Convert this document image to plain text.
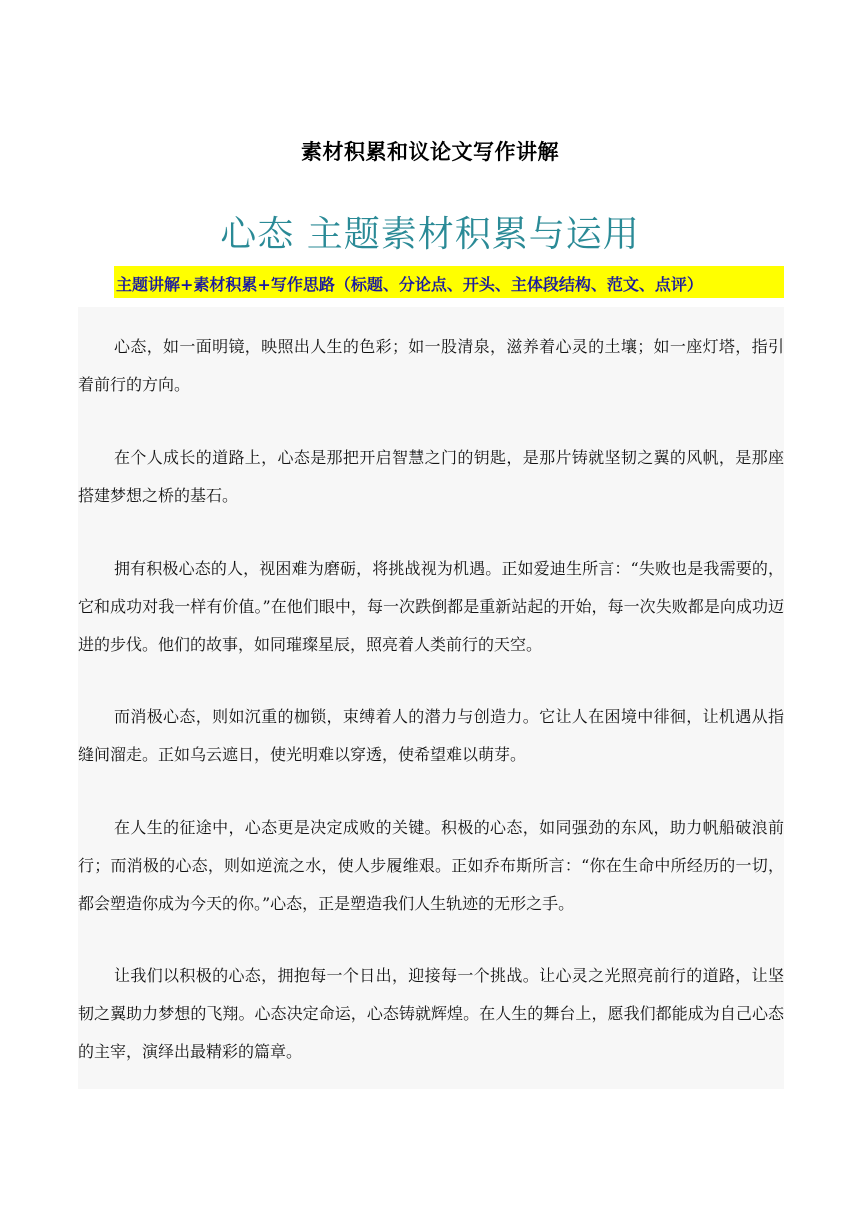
素材积累和议论文写作讲解
心态 主题素材积累与运用
主题讲解+素材积累+写作思路（标题、分论点、开头、主体段结构、范文、点评）
心态，如一面明镜，映照出人生的色彩；如一股清泉，滋养着心灵的土壤；如一座灯塔，指引着前行的方向。
在个人成长的道路上，心态是那把开启智慧之门的钥匙，是那片铸就坚韧之翼的风帆，是那座搭建梦想之桥的基石。
拥有积极心态的人，视困难为磨砺，将挑战视为机遇。正如爱迪生所言：“失败也是我需要的，它和成功对我一样有价值。”在他们眼中，每一次跌倒都是重新站起的开始，每一次失败都是向成功迈进的步伐。他们的故事，如同璀璨星辰，照亮着人类前行的天空。
而消极心态，则如沉重的枷锁，束缚着人的潜力与创造力。它让人在困境中徘徊，让机遇从指缝间溜走。正如乌云遮日，使光明难以穿透，使希望难以萌芽。
在人生的征途中，心态更是决定成败的关键。积极的心态，如同强劲的东风，助力帆船破浪前行；而消极的心态，则如逆流之水，使人步履维艰。正如乔布斯所言：“你在生命中所经历的一切，都会塑造你成为今天的你。”心态，正是塑造我们人生轨迹的无形之手。
让我们以积极的心态，拥抱每一个日出，迎接每一个挑战。让心灵之光照亮前行的道路，让坚韧之翼助力梦想的飞翔。心态决定命运，心态铸就辉煌。在人生的舞台上，愿我们都能成为自己心态的主宰，演绎出最精彩的篇章。
